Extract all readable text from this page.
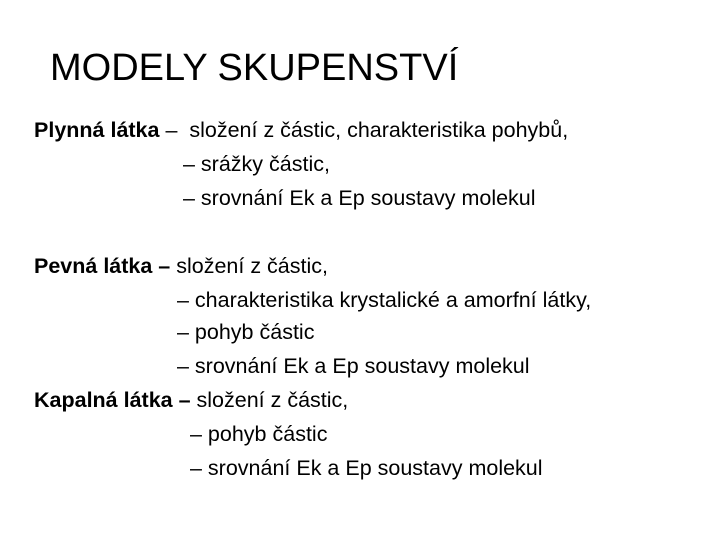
MODELY SKUPENSTVÍ
Plynná látka –  složení z částic, charakteristika pohybů,
– srážky částic,
– srovnání Ek a Ep soustavy molekul
Pevná látka – složení z částic,
– charakteristika krystalické a amorfní látky,
– pohyb částic
– srovnání Ek a Ep soustavy molekul
Kapalná látka – složení z částic,
– pohyb částic
– srovnání Ek a Ep soustavy molekul
